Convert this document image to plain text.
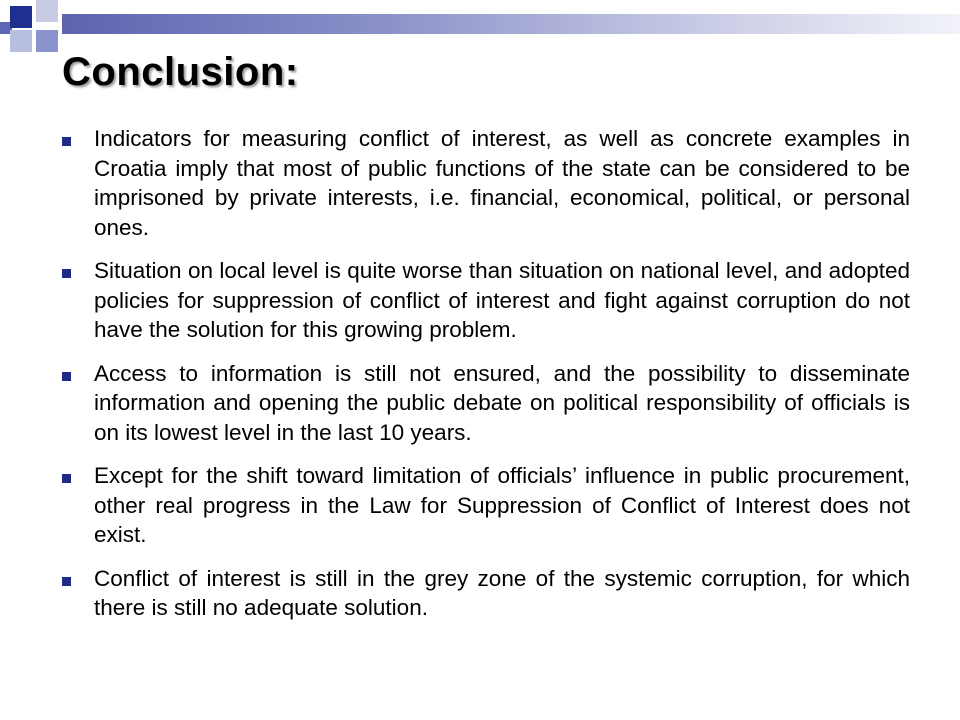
Conclusion:
Indicators for measuring conflict of interest, as well as concrete examples in Croatia imply that most of public functions of the state can be considered to be imprisoned by private interests, i.e. financial, economical, political, or personal ones.
Situation on local level is quite worse than situation on national level, and adopted policies for suppression of conflict of interest and fight against corruption do not have the solution for this growing problem.
Access to information is still not ensured, and the possibility to disseminate information and opening the public debate on political responsibility of officials is on its lowest level in the last 10 years.
Except for the shift toward limitation of officials’ influence in public procurement, other real progress in the Law for Suppression of Conflict of Interest does not exist.
Conflict of interest is still in the grey zone of the systemic corruption, for which there is still no adequate solution.
